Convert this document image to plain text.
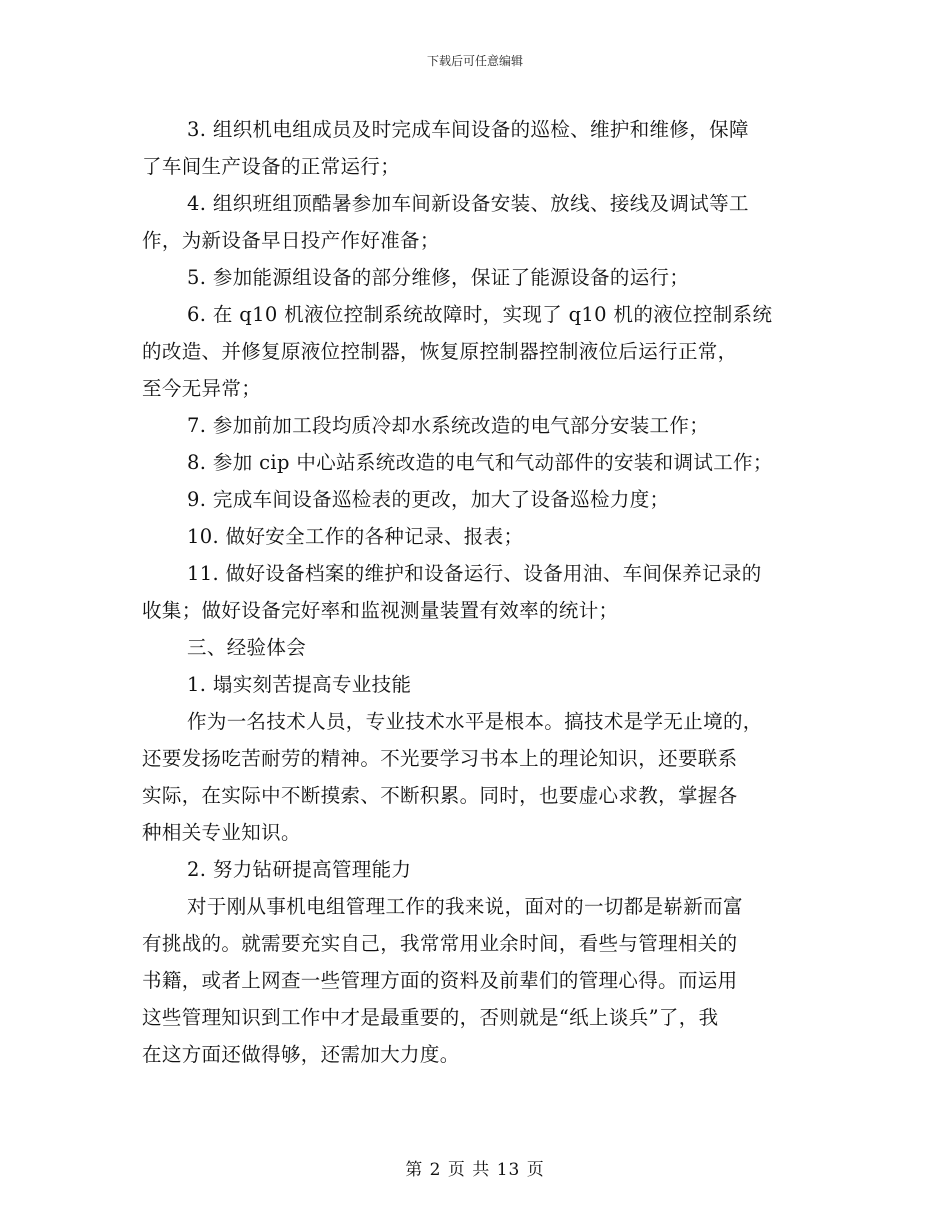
下载后可任意编辑
3. 组织机电组成员及时完成车间设备的巡检、维护和维修，保障
了车间生产设备的正常运行；
4. 组织班组顶酷暑参加车间新设备安装、放线、接线及调试等工
作，为新设备早日投产作好准备；
5. 参加能源组设备的部分维修，保证了能源设备的运行；
6. 在 q10 机液位控制系统故障时，实现了 q10 机的液位控制系统
的改造、并修复原液位控制器，恢复原控制器控制液位后运行正常，
至今无异常；
7. 参加前加工段均质冷却水系统改造的电气部分安装工作；
8. 参加 cip 中心站系统改造的电气和气动部件的安装和调试工作；
9. 完成车间设备巡检表的更改，加大了设备巡检力度；
10. 做好安全工作的各种记录、报表；
11. 做好设备档案的维护和设备运行、设备用油、车间保养记录的
收集；做好设备完好率和监视测量装置有效率的统计；
三、经验体会
1. 塌实刻苦提高专业技能
作为一名技术人员，专业技术水平是根本。搞技术是学无止境的，
还要发扬吃苦耐劳的精神。不光要学习书本上的理论知识，还要联系
实际，在实际中不断摸索、不断积累。同时，也要虚心求教，掌握各
种相关专业知识。
2. 努力钻研提高管理能力
对于刚从事机电组管理工作的我来说，面对的一切都是崭新而富
有挑战的。就需要充实自己，我常常用业余时间，看些与管理相关的
书籍，或者上网查一些管理方面的资料及前辈们的管理心得。而运用
这些管理知识到工作中才是最重要的，否则就是“纸上谈兵”了，我
在这方面还做得够，还需加大力度。
第 2 页 共 13 页
